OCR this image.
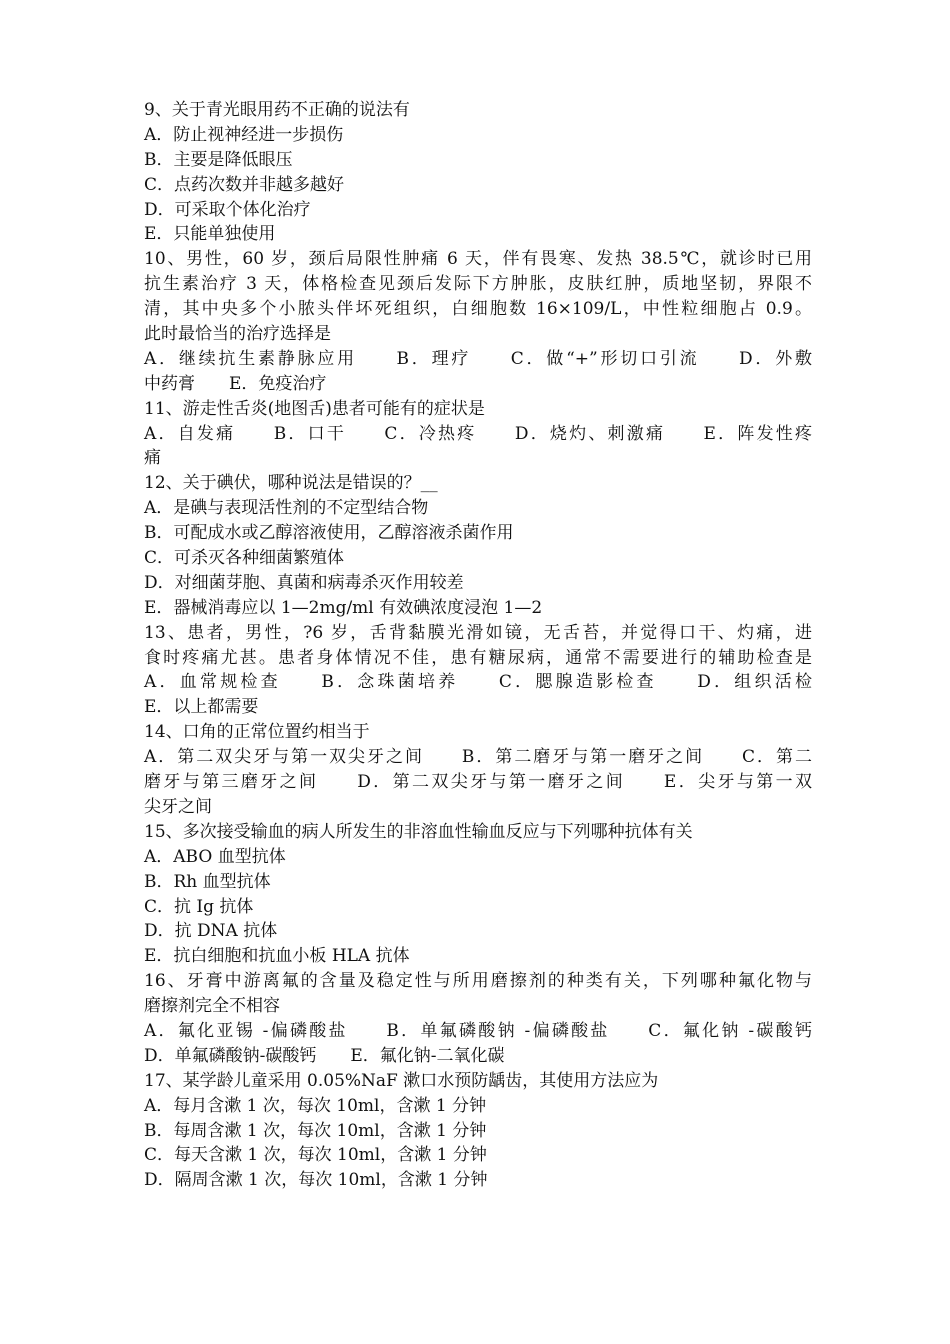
9、关于青光眼用药不正确的说法有
A．防止视神经进一步损伤
B．主要是降低眼压
C．点药次数并非越多越好
D．可采取个体化治疗
E．只能单独使用
10、男性，60 岁，颈后局限性肿痛 6 天，伴有畏寒、发热 38.5℃，就诊时已用
抗生素治疗 3 天，体格检查见颈后发际下方肿胀，皮肤红肿，质地坚韧，界限不
清，其中央多个小脓头伴坏死组织，白细胞数 16×109/L，中性粒细胞占 0.9。
此时最恰当的治疗选择是
A．继续抗生素静脉应用　　B．理疗　　C．做“+”形切口引流　　D．外敷
中药膏　　E．免疫治疗
11、游走性舌炎(地图舌)患者可能有的症状是
A．自发痛　　B．口干　　C．冷热疼　　D．烧灼、刺激痛　　E．阵发性疼
痛
12、关于碘伏，哪种说法是错误的？__
A．是碘与表现活性剂的不定型结合物
B．可配成水或乙醇溶液使用，乙醇溶液杀菌作用
C．可杀灭各种细菌繁殖体
D．对细菌芽胞、真菌和病毒杀灭作用较差
E．器械消毒应以 1—2mg/ml 有效碘浓度浸泡 1—2
13、患者，男性，?6 岁，舌背黏膜光滑如镜，无舌苔，并觉得口干、灼痛，进
食时疼痛尤甚。患者身体情况不佳，患有糖尿病，通常不需要进行的辅助检查是
A．血常规检查　　B．念珠菌培养　　C．腮腺造影检查　　D．组织活检
E．以上都需要
14、口角的正常位置约相当于
A．第二双尖牙与第一双尖牙之间　　B．第二磨牙与第一磨牙之间　　C．第二
磨牙与第三磨牙之间　　D．第二双尖牙与第一磨牙之间　　E．尖牙与第一双
尖牙之间
15、多次接受输血的病人所发生的非溶血性输血反应与下列哪种抗体有关
A．ABO 血型抗体
B．Rh 血型抗体
C．抗 Ig 抗体
D．抗 DNA 抗体
E．抗白细胞和抗血小板 HLA 抗体
16、牙膏中游离氟的含量及稳定性与所用磨擦剂的种类有关，下列哪种氟化物与
磨擦剂完全不相容
A．氟化亚锡 -偏磷酸盐　　B．单氟磷酸钠 -偏磷酸盐　　C．氟化钠 -碳酸钙
D．单氟磷酸钠-碳酸钙　　E．氟化钠-二氧化碳
17、某学龄儿童采用 0.05%NaF 漱口水预防龋齿，其使用方法应为
A．每月含漱 1 次，每次 10ml，含漱 1 分钟
B．每周含漱 1 次，每次 10ml，含漱 1 分钟
C．每天含漱 1 次，每次 10ml，含漱 1 分钟
D．隔周含漱 1 次，每次 10ml，含漱 1 分钟
